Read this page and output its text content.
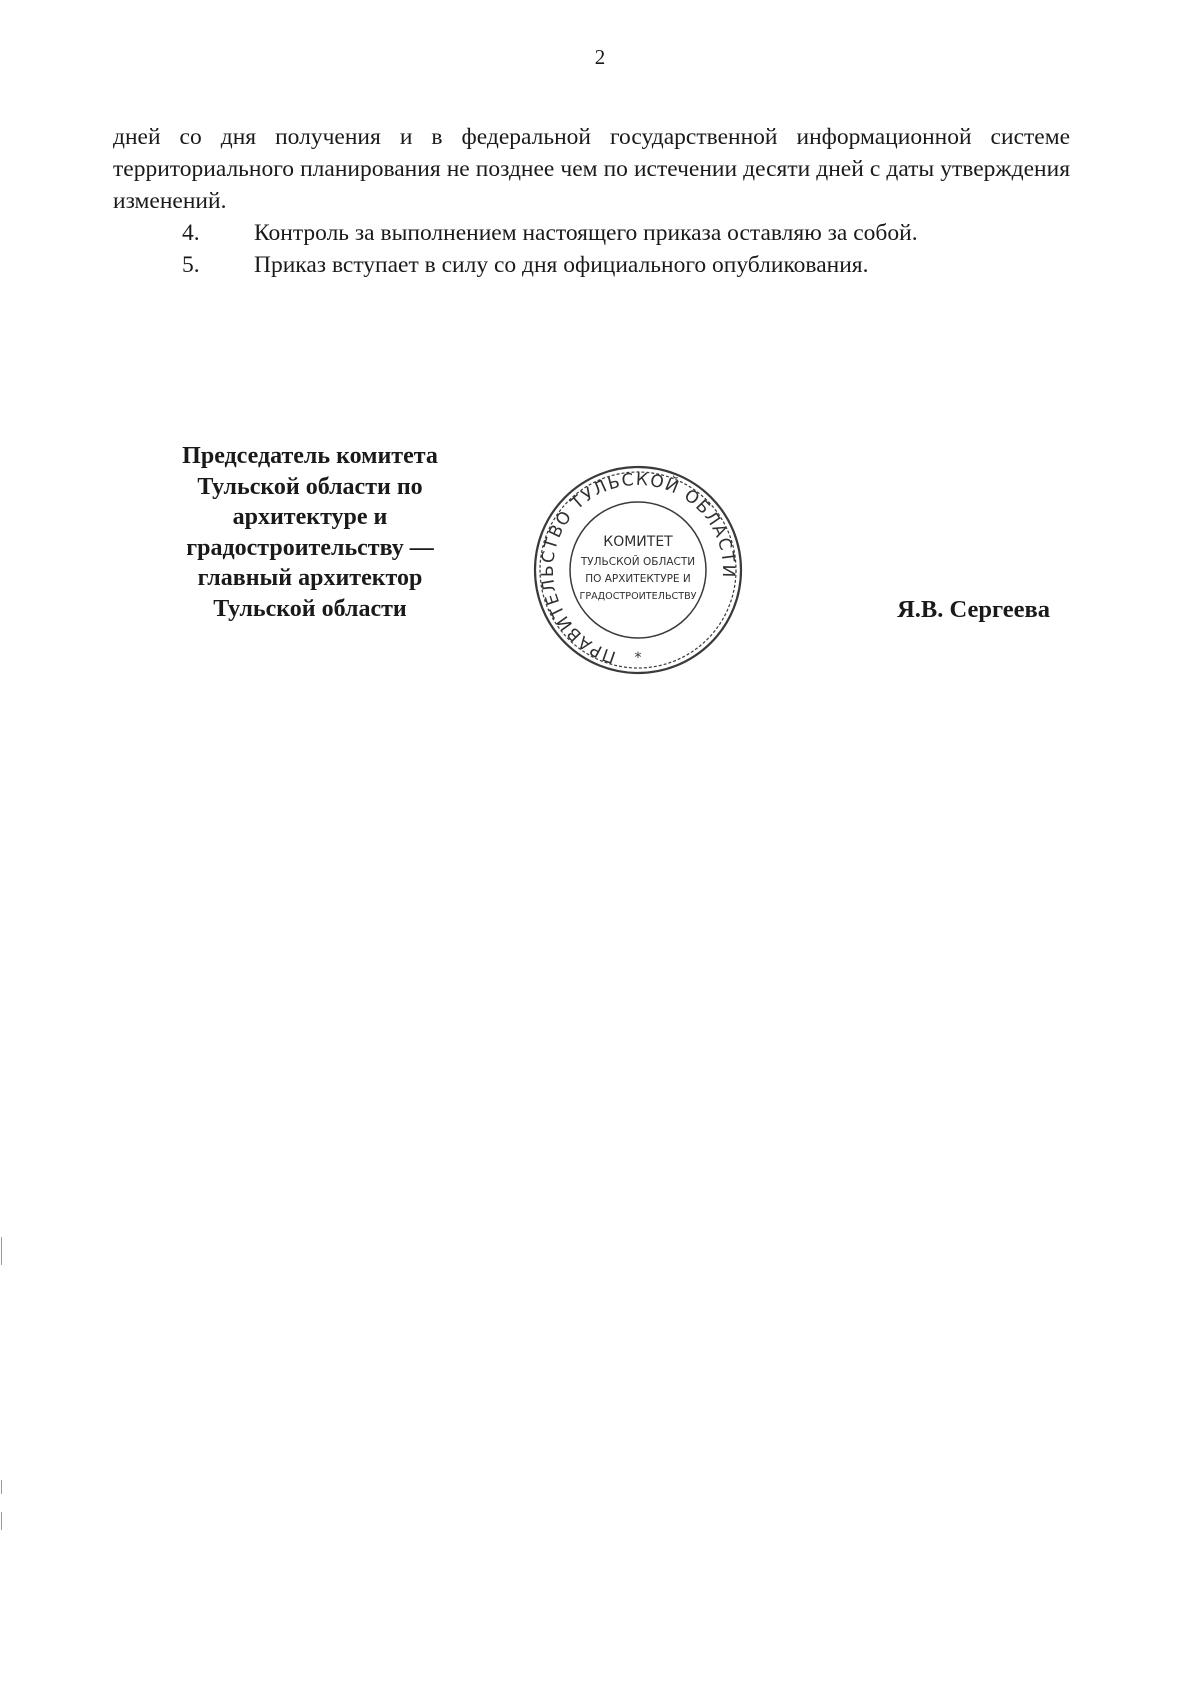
2

дней со дня получения и в федеральной государственной информационной системе территориального планирования не позднее чем по истечении десяти дней с даты утверждения изменений.

4.	Контроль за выполнением настоящего приказа оставляю за собой.
5.	Приказ вступает в силу со дня официального опубликования.
Председатель комитета
Тульской области по
архитектуре и
градостроительству —
главный архитектор
Тульской области
ПРАВИТЕЛЬСТВО ТУЛЬСКОЙ ОБЛАСТИ
*
КОМИТЕТ
ТУЛЬСКОЙ ОБЛАСТИ
ПО АРХИТЕКТУРЕ И
ГРАДОСТРОИТЕЛЬСТВУ	Я.В. Сергеева
